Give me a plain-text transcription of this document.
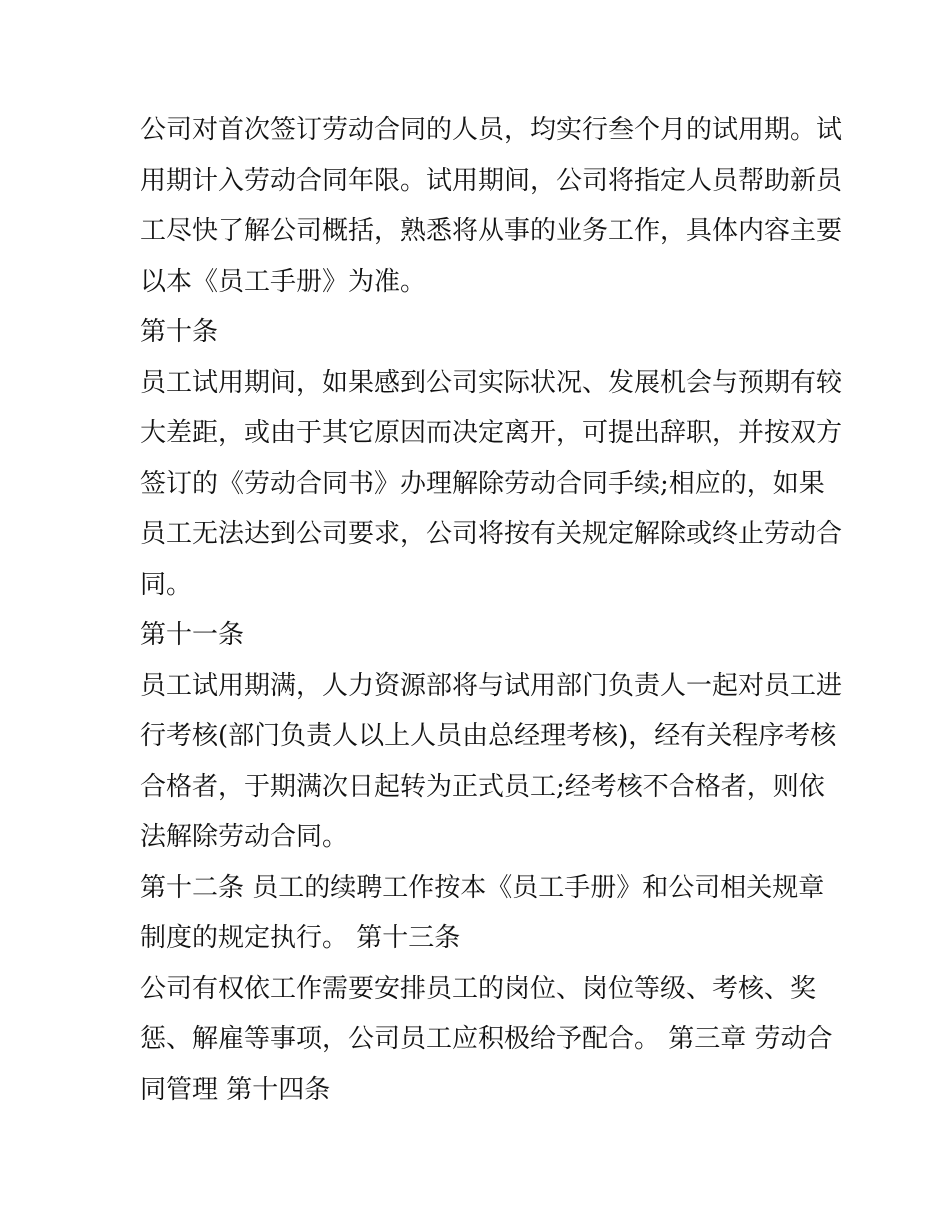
公司对首次签订劳动合同的人员，均实行叁个月的试用期。试
用期计入劳动合同年限。试用期间，公司将指定人员帮助新员
工尽快了解公司概括，熟悉将从事的业务工作，具体内容主要
以本《员工手册》为准。
第十条
员工试用期间，如果感到公司实际状况、发展机会与预期有较
大差距，或由于其它原因而决定离开，可提出辞职，并按双方
签订的《劳动合同书》办理解除劳动合同手续;相应的，如果
员工无法达到公司要求，公司将按有关规定解除或终止劳动合
同。
第十一条
员工试用期满，人力资源部将与试用部门负责人一起对员工进
行考核(部门负责人以上人员由总经理考核)，经有关程序考核
合格者，于期满次日起转为正式员工;经考核不合格者，则依
法解除劳动合同。
第十二条 员工的续聘工作按本《员工手册》和公司相关规章
制度的规定执行。 第十三条
公司有权依工作需要安排员工的岗位、岗位等级、考核、奖
惩、解雇等事项，公司员工应积极给予配合。 第三章 劳动合
同管理 第十四条
